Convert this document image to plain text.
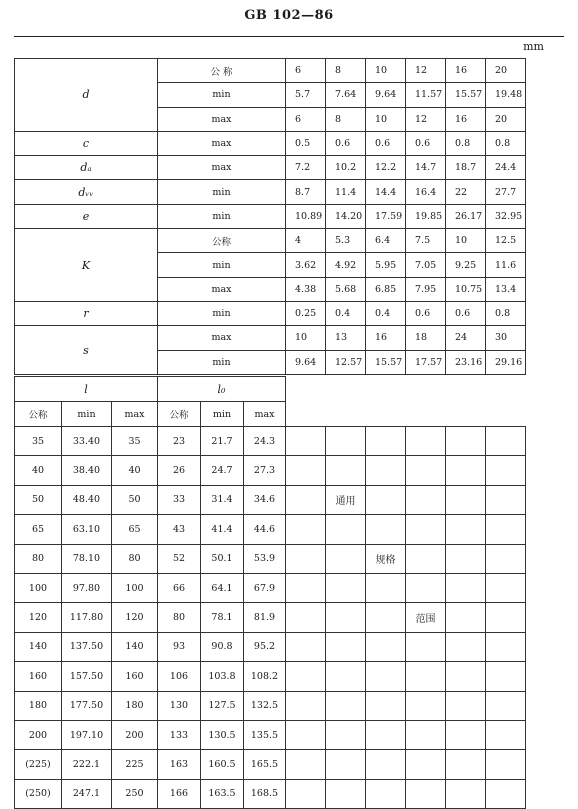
GB 102—86
mm
d	公 称	6	8	10	12	16	20
	min	5.7	7.64	9.64	11.57	15.57	19.48
	max	6	8	10	12	16	20
c	max	0.5	0.6	0.6	0.6	0.8	0.8
dₐ	max	7.2	10.2	12.2	14.7	18.7	24.4
dᵥᵥ	min	8.7	11.4	14.4	16.4	22	27.7
e	min	10.89	14.20	17.59	19.85	26.17	32.95
K	公称	4	5.3	6.4	7.5	10	12.5
	min	3.62	4.92	5.95	7.05	9.25	11.6
	max	4.38	5.68	6.85	7.95	10.75	13.4
r	min	0.25	0.4	0.4	0.6	0.6	0.8
s	max	10	13	16	18	24	30
	min	9.64	12.57	15.57	17.57	23.16	29.16
l			l₀								
公称	min	max	公称	min	max						
35	33.40	35	23	21.7	24.3						
40	38.40	40	26	24.7	27.3						
50	48.40	50	33	31.4	34.6		通用				
65	63.10	65	43	41.4	44.6						
80	78.10	80	52	50.1	53.9			规格			
100	97.80	100	66	64.1	67.9						
120	117.80	120	80	78.1	81.9				范围		
140	137.50	140	93	90.8	95.2						
160	157.50	160	106	103.8	108.2						
180	177.50	180	130	127.5	132.5						
200	197.10	200	133	130.5	135.5						
(225)	222.1	225	163	160.5	165.5						
(250)	247.1	250	166	163.5	168.5						
